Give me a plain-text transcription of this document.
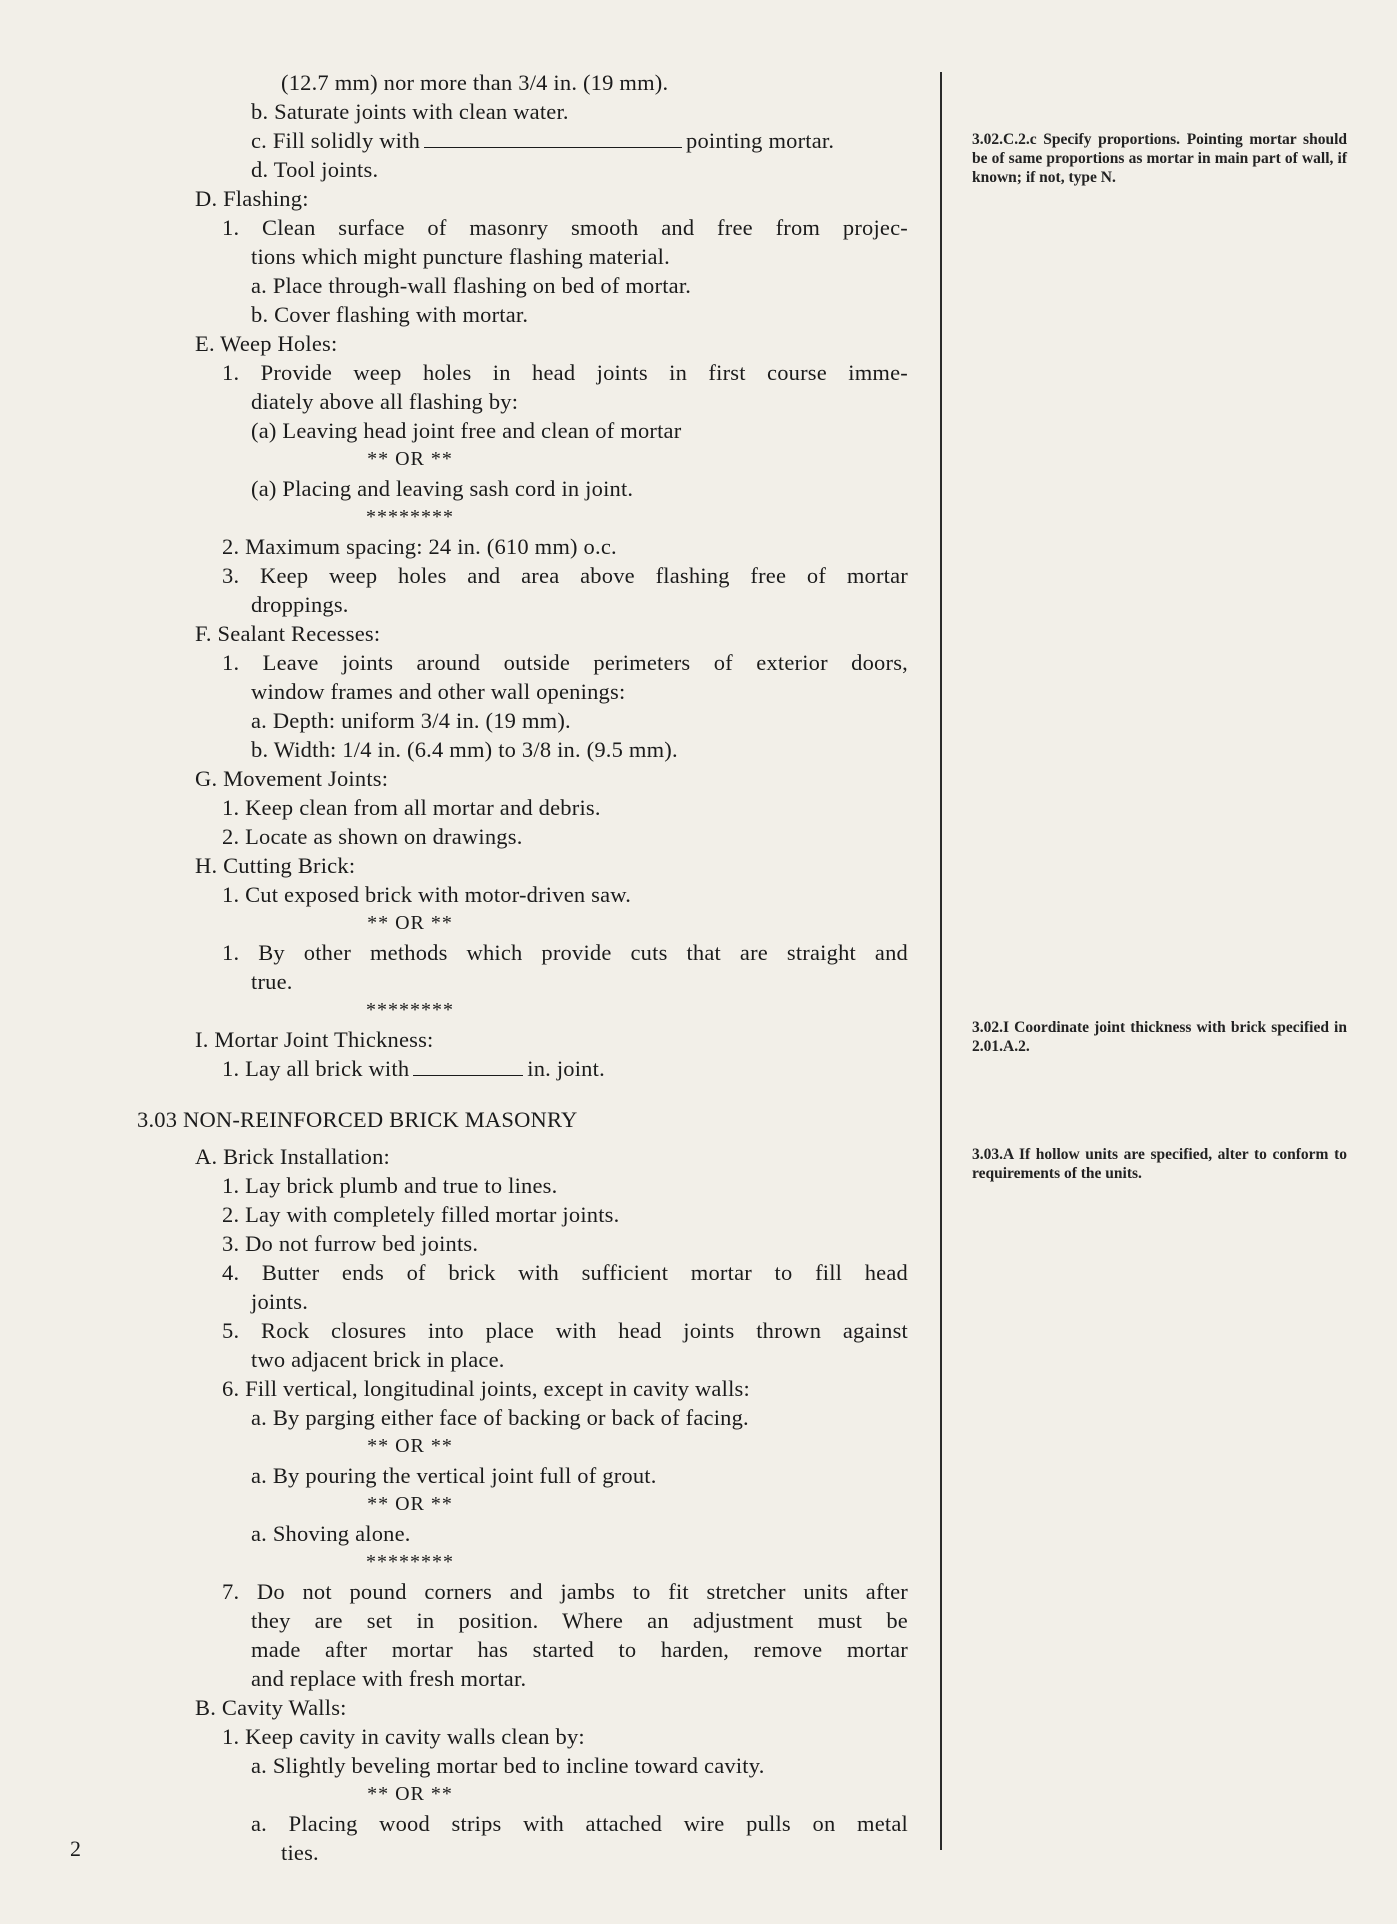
(12.7 mm) nor more than 3/4 in. (19 mm).
b. Saturate joints with clean water.
c. Fill solidly with	pointing mortar.
d. Tool joints.
D. Flashing:
1. Clean surface of masonry smooth and free from projec-
tions which might puncture flashing material.
a. Place through-wall flashing on bed of mortar.
b. Cover flashing with mortar.
E. Weep Holes:
1. Provide weep holes in head joints in first course imme-
diately above all flashing by:
(a) Leaving head joint free and clean of mortar
** OR **
(a) Placing and leaving sash cord in joint.
********
2. Maximum spacing: 24 in. (610 mm) o.c.
3. Keep weep holes and area above flashing free of mortar
droppings.
F. Sealant Recesses:
1. Leave joints around outside perimeters of exterior doors,
window frames and other wall openings:
a. Depth: uniform 3/4 in. (19 mm).
b. Width: 1/4 in. (6.4 mm) to 3/8 in. (9.5 mm).
G. Movement Joints:
1. Keep clean from all mortar and debris.
2. Locate as shown on drawings.
H. Cutting Brick:
1. Cut exposed brick with motor-driven saw.
** OR **
1. By other methods which provide cuts that are straight and
true.
********
I. Mortar Joint Thickness:
1. Lay all brick with	in. joint.
3.03 NON-REINFORCED BRICK MASONRY
A. Brick Installation:
1. Lay brick plumb and true to lines.
2. Lay with completely filled mortar joints.
3. Do not furrow bed joints.
4. Butter ends of brick with sufficient mortar to fill head
joints.
5. Rock closures into place with head joints thrown against
two adjacent brick in place.
6. Fill vertical, longitudinal joints, except in cavity walls:
a. By parging either face of backing or back of facing.
** OR **
a. By pouring the vertical joint full of grout.
** OR **
a. Shoving alone.
********
7. Do not pound corners and jambs to fit stretcher units after
they are set in position. Where an adjustment must be
made after mortar has started to harden, remove mortar
and replace with fresh mortar.
B. Cavity Walls:
1. Keep cavity in cavity walls clean by:
a. Slightly beveling mortar bed to incline toward cavity.
** OR **
a. Placing wood strips with attached wire pulls on metal
ties.
3.02.C.2.c Specify proportions. Pointing mortar should be of same proportions as mortar in main part of wall, if known; if not, type N.
3.02.I Coordinate joint thickness with brick specified in 2.01.A.2.
3.03.A If hollow units are specified, alter to conform to requirements of the units.
2
